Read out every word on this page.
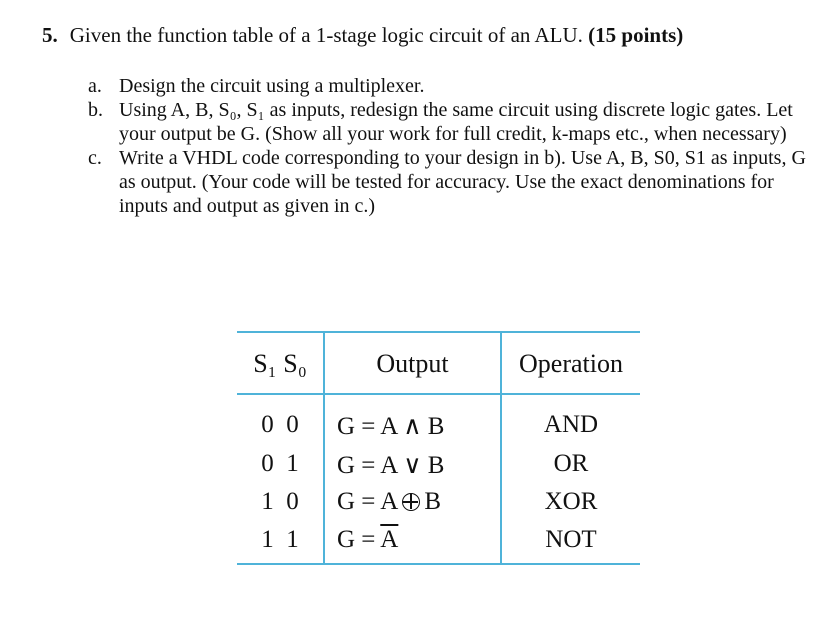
5. Given the function table of a 1-stage logic circuit of an ALU. (15 points)

a. Design the circuit using a multiplexer.

b. Using A, B, S₀, S₁ as inputs, redesign the same circuit using discrete logic gates. Let your output be G. (Show all your work for full credit, k-maps etc., when necessary)

c. Write a VHDL code corresponding to your design in b). Use A, B, S0, S1 as inputs, G as output. (Your code will be tested for accuracy. Use the exact denominations for inputs and output as given in c.)

S₁ S₀	Output	Operation
0 0	G = A ∧ B	AND
0 1	G = A ∨ B	OR
1 0	G = A B	XOR
1 1	$G = \overline{A}$	NOT
